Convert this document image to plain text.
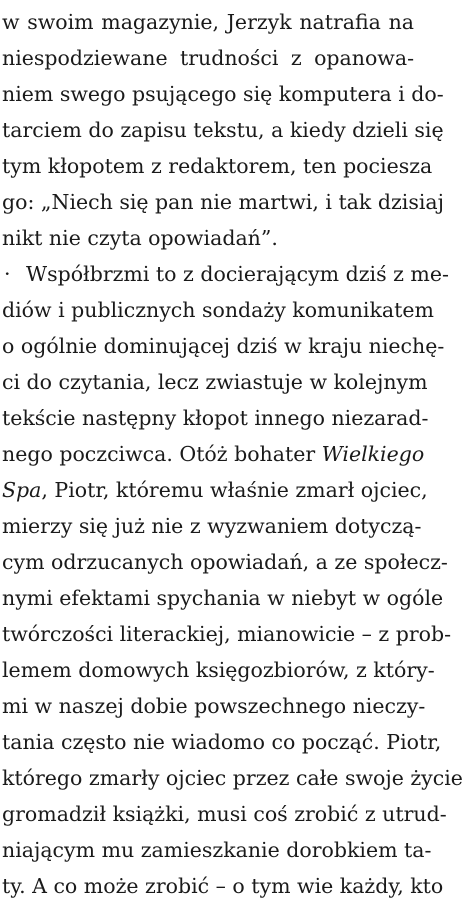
w swoim magazynie, Jerzyk natrafia na
niespodziewane trudności z opanowa-
niem swego psującego się komputera i do-
tarciem do zapisu tekstu, a kiedy dzieli się
tym kłopotem z redaktorem, ten pociesza
go: „Niech się pan nie martwi, i tak dzisiaj
nikt nie czyta opowiadań”.
· Współbrzmi to z docierającym dziś z me-
diów i publicznych sondaży komunikatem
o ogólnie dominującej dziś w kraju niechę-
ci do czytania, lecz zwiastuje w kolejnym
tekście następny kłopot innego niezarad-
nego poczciwca. Otóż bohater Wielkiego
Spa, Piotr, któremu właśnie zmarł ojciec,
mierzy się już nie z wyzwaniem dotyczą-
cym odrzucanych opowiadań, a ze społecz-
nymi efektami spychania w niebyt w ogóle
twórczości literackiej, mianowicie – z prob-
lemem domowych księgozbiorów, z który-
mi w naszej dobie powszechnego nieczy-
tania często nie wiadomo co począć. Piotr,
którego zmarły ojciec przez całe swoje życie
gromadził książki, musi coś zrobić z utrud-
niającym mu zamieszkanie dorobkiem ta-
ty. A co może zrobić – o tym wie każdy, kto
